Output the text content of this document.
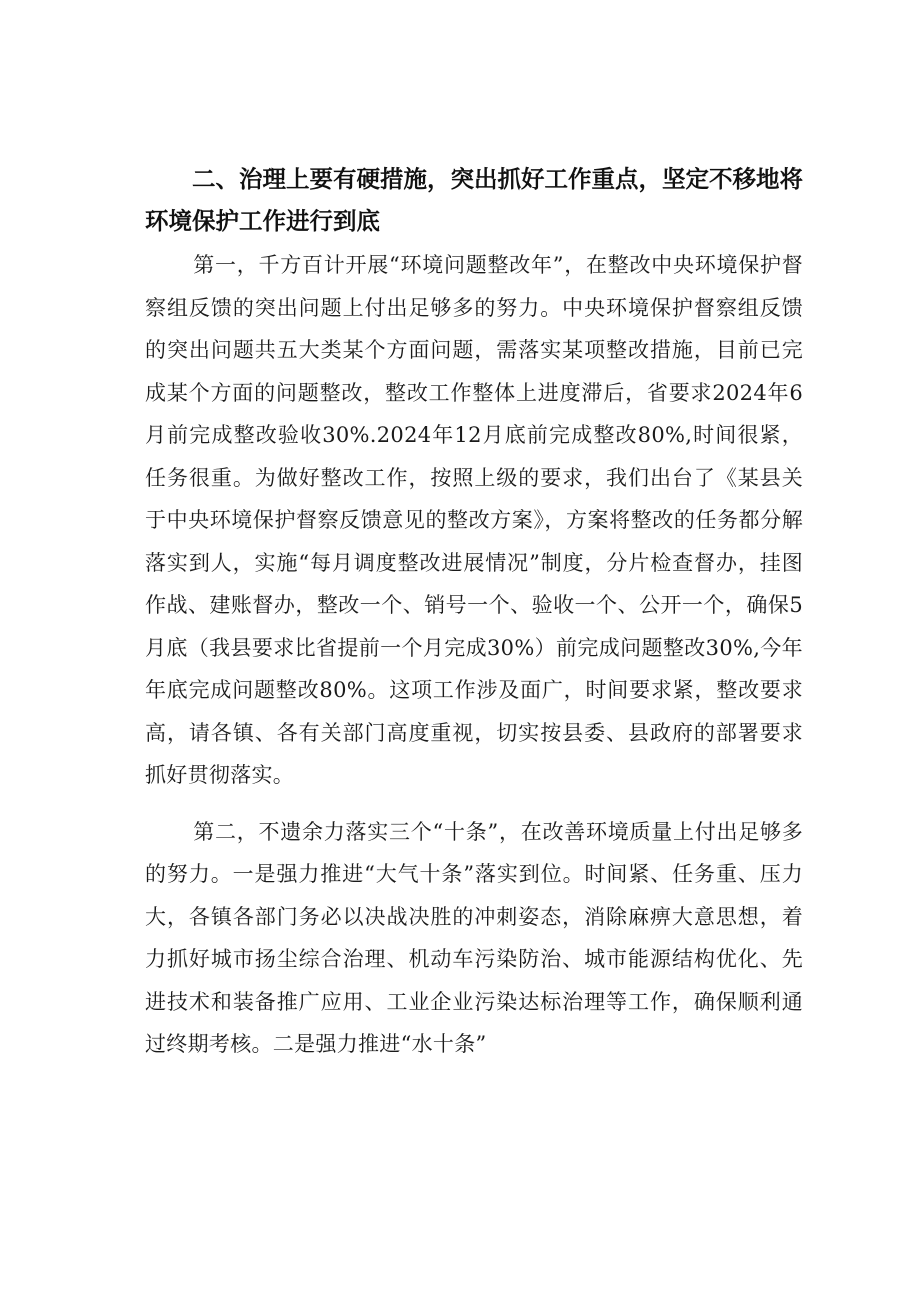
二、治理上要有硬措施，突出抓好工作重点，坚定不移地将环境保护工作进行到底

第一，千方百计开展“环境问题整改年”，在整改中央环境保护督察组反馈的突出问题上付出足够多的努力。中央环境保护督察组反馈的突出问题共五大类某个方面问题，需落实某项整改措施，目前已完成某个方面的问题整改，整改工作整体上进度滞后，省要求2024年6月前完成整改验收30%.2024年12月底前完成整改80%,时间很紧，任务很重。为做好整改工作，按照上级的要求，我们出台了《某县关于中央环境保护督察反馈意见的整改方案》，方案将整改的任务都分解落实到人，实施“每月调度整改进展情况”制度，分片检查督办，挂图作战、建账督办，整改一个、销号一个、验收一个、公开一个，确保5月底（我县要求比省提前一个月完成30%）前完成问题整改30%,今年年底完成问题整改80%。这项工作涉及面广，时间要求紧，整改要求高，请各镇、各有关部门高度重视，切实按县委、县政府的部署要求抓好贯彻落实。

第二，不遗余力落实三个“十条”，在改善环境质量上付出足够多的努力。一是强力推进“大气十条”落实到位。时间紧、任务重、压力大，各镇各部门务必以决战决胜的冲刺姿态，消除麻痹大意思想，着力抓好城市扬尘综合治理、机动车污染防治、城市能源结构优化、先进技术和装备推广应用、工业企业污染达标治理等工作，确保顺利通过终期考核。二是强力推进“水十条”
